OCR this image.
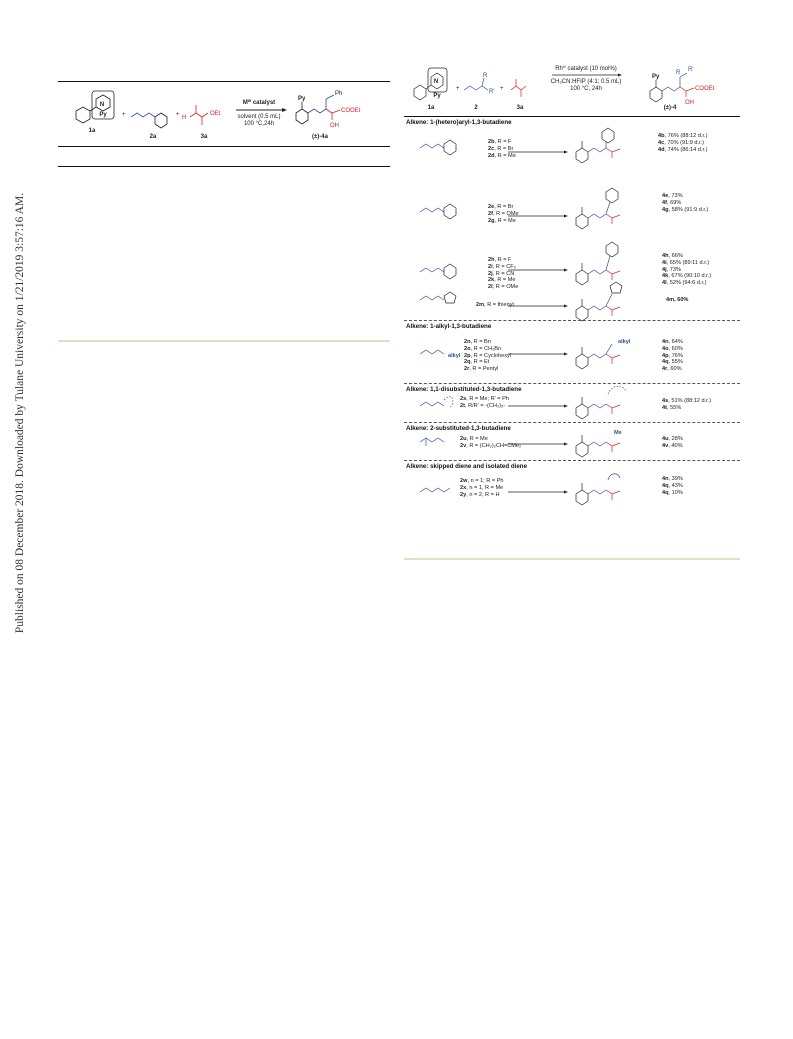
Published on 08 December 2018. Downloaded by Tulane University on 1/21/2019 3:57:16 AM.
N
Py
1a
+
2a
+ H
OEt
3a
$M^{III}$ catalyst
solvent (0.5 mL)
100 °C,24h
Py
Ph
COOEt
OH
(±)-4a
N
Py
1a
+
R
R'
2
+
3a
$Rh^{III}$ catalyst (10 mol%)
CH₃CN:HFIP (4:1; 0.5 mL)
100 °C, 24h
Py
R R'
COOEt
OH
(±)-4
Alkene: 1-(hetero)aryl-1,3-butadiene
Alkene: 1-alkyl-1,3-butadiene
Alkene: 1,1-disubstituted-1,3-butadiene
Alkene: 2-substituted-1,3-butadiene
Alkene: skipped diene and isolated diene
2b, R = F
2c, R = Br
2d, R = Me
4b, 76% (88:12 d.r.)
4c, 70% (91:9 d.r.)
4d, 74% (86:14 d.r.)
2e, R = Br
2f, R = OMe
2g, R = Me
4e, 73%
4f, 69%
4g, 58% (91:9 d.r.)
2h, R = F
2i, R = CF₃
2j, R = CN
2k, R = Me
2l, R = OMe
4h, 66%
4i, 65% (89:11 d.r.)
4j, 73%
4k, 67% (90:10 d.r.)
4l, 52% (94:6 d.r.)
2m, R = thienyl
4m, 60%
2n, R = Bn
2o, R = CH₂Bn
2p, R = Cyclohexyl
2q, R = Et
2r, R = Pentyl
4n, 64%
4o, 60%
4p, 76%
4q, 55%
4r, 60%
alkyl
alkyl
2s, R = Me; R' = Ph
2t, R/R' = -(CH₂)₅-
4s, 51% (88:12 d.r.)
4t, 55%
2u, R = Me
2v, R = (CH₂)₂CH=CMe₂
4u, 28%
4v, 40%
Me
2w, n = 1; R = Ph
2x, n = 1, R = Me
2y, n = 2, R = H
4n, 39%
4q, 43%
4q, 10%
